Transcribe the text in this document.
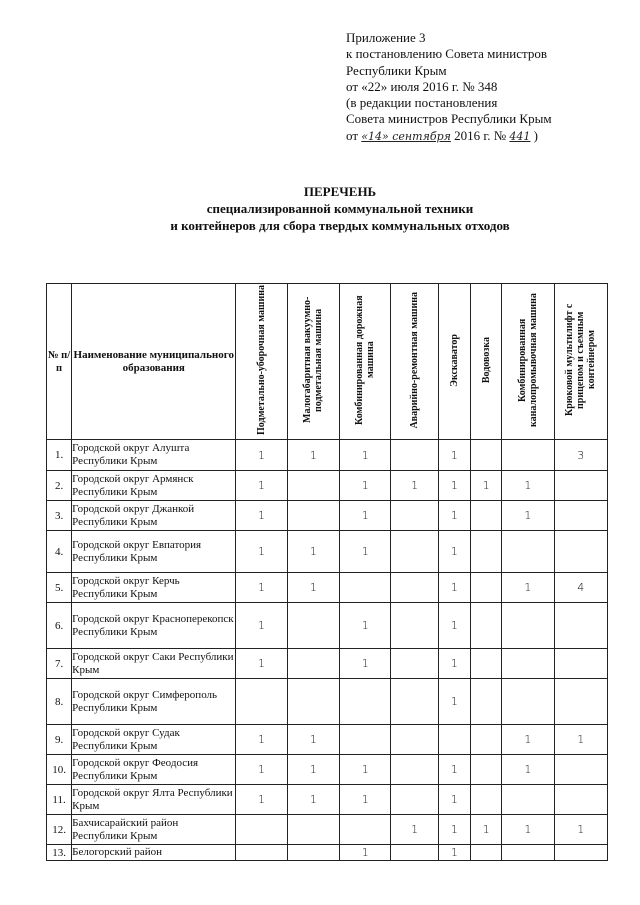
Приложение 3
к постановлению Совета министров
Республики Крым
от «22» июля 2016 г. № 348
(в редакции постановления
Совета министров Республики Крым
от «14» сентября 2016 г. № 441 )
ПЕРЕЧЕНЬ
специализированной коммунальной техники
и контейнеров для сбора твердых коммунальных отходов
№ п/п	Наименование муниципального образования	Подметально-уборочная машина	Малогабаритная вакуумно-подметальная машина	Комбинированная дорожная машина	Аварийно-ремонтная машина	Экскаватор	Водовозка	Комбинированная каналопромывочная машина	Крюковой мультилифт с прицепом и съемным контейнером
1.	Городской округ Алушта Республики Крым	1	1	1		1			3
2.	Городской округ Армянск Республики Крым	1		1	1	1	1	1	
3.	Городской округ Джанкой Республики Крым	1		1		1		1	
4.	Городской округ Евпатория Республики Крым	1	1	1		1			
5.	Городской округ Керчь Республики Крым	1	1			1		1	4
6.	Городской округ Красноперекопск Республики Крым	1		1		1			
7.	Городской округ Саки Республики Крым	1		1		1			
8.	Городской округ Симферополь Республики Крым					1			
9.	Городской округ Судак Республики Крым	1	1					1	1
10.	Городской округ Феодосия Республики Крым	1	1	1		1		1	
11.	Городской округ Ялта Республики Крым	1	1	1		1			
12.	Бахчисарайский район Республики Крым				1	1	1	1	1
13.	Белогорский район			1		1			
